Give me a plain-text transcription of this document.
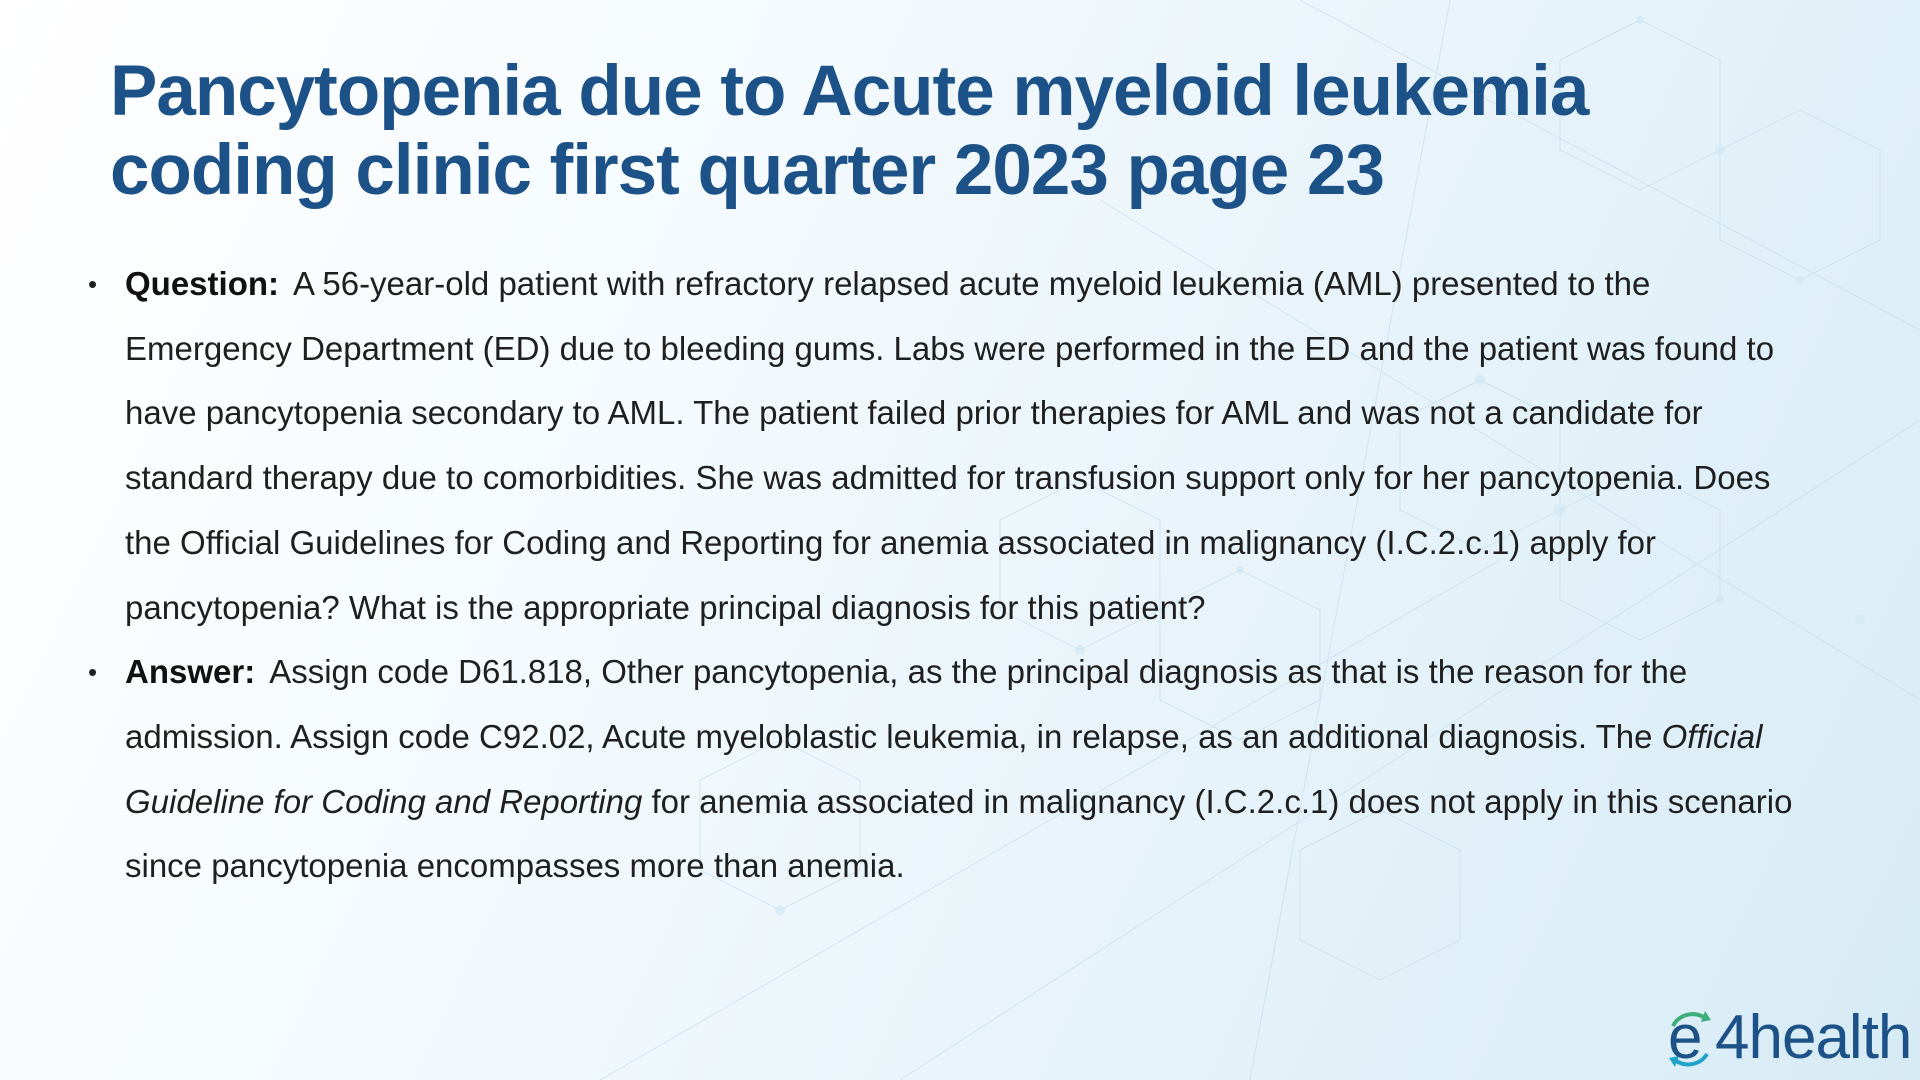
Pancytopenia due to Acute myeloid leukemia
coding clinic first quarter 2023 page 23
• Question: A 56-year-old patient with refractory relapsed acute myeloid leukemia (AML) presented to the Emergency Department (ED) due to bleeding gums. Labs were performed in the ED and the patient was found to have pancytopenia secondary to AML. The patient failed prior therapies for AML and was not a candidate for standard therapy due to comorbidities. She was admitted for transfusion support only for her pancytopenia. Does the Official Guidelines for Coding and Reporting for anemia associated in malignancy (I.C.2.c.1) apply for pancytopenia? What is the appropriate principal diagnosis for this patient?
• Answer: Assign code D61.818, Other pancytopenia, as the principal diagnosis as that is the reason for the admission. Assign code C92.02, Acute myeloblastic leukemia, in relapse, as an additional diagnosis. The Official Guideline for Coding and Reporting for anemia associated in malignancy (I.C.2.c.1) does not apply in this scenario since pancytopenia encompasses more than anemia.
e 4health
